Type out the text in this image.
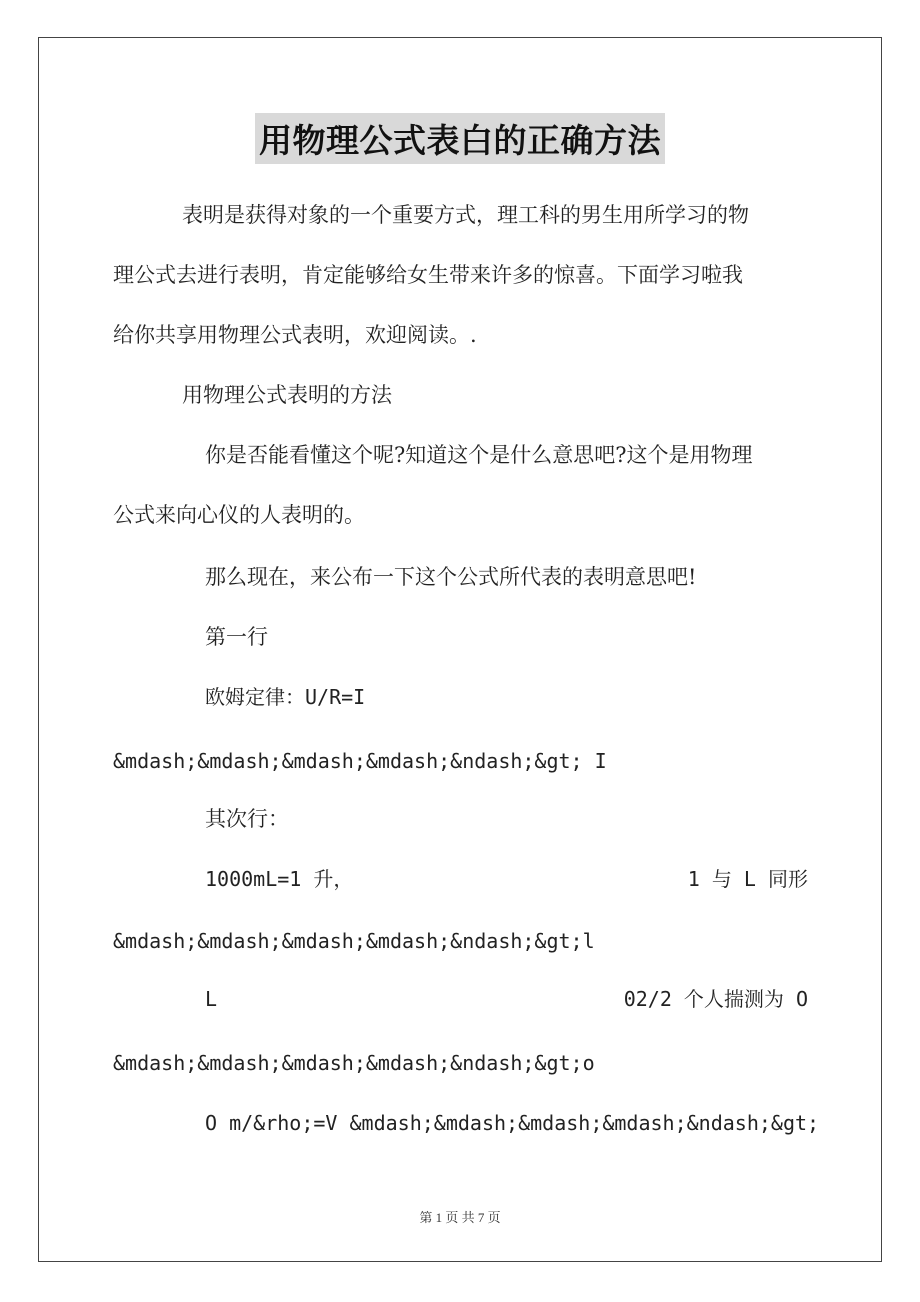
用物理公式表白的正确方法
表明是获得对象的一个重要方式，理工科的男生用所学习的物
理公式去进行表明，肯定能够给女生带来许多的惊喜。下面学习啦我
给你共享用物理公式表明，欢迎阅读。.
用物理公式表明的方法
你是否能看懂这个呢?知道这个是什么意思吧?这个是用物理
公式来向心仪的人表明的。
那么现在，来公布一下这个公式所代表的表明意思吧!
第一行
欧姆定律：U/R=I
&mdash;&mdash;&mdash;&mdash;&ndash;&gt; I
其次行：
1000mL=1 升，	1 与 L 同形
&mdash;&mdash;&mdash;&mdash;&ndash;&gt;l
L	02/2 个人揣测为 O
&mdash;&mdash;&mdash;&mdash;&ndash;&gt;o
O m/&rho;=V &mdash;&mdash;&mdash;&mdash;&ndash;&gt;
第 1 页 共 7 页
